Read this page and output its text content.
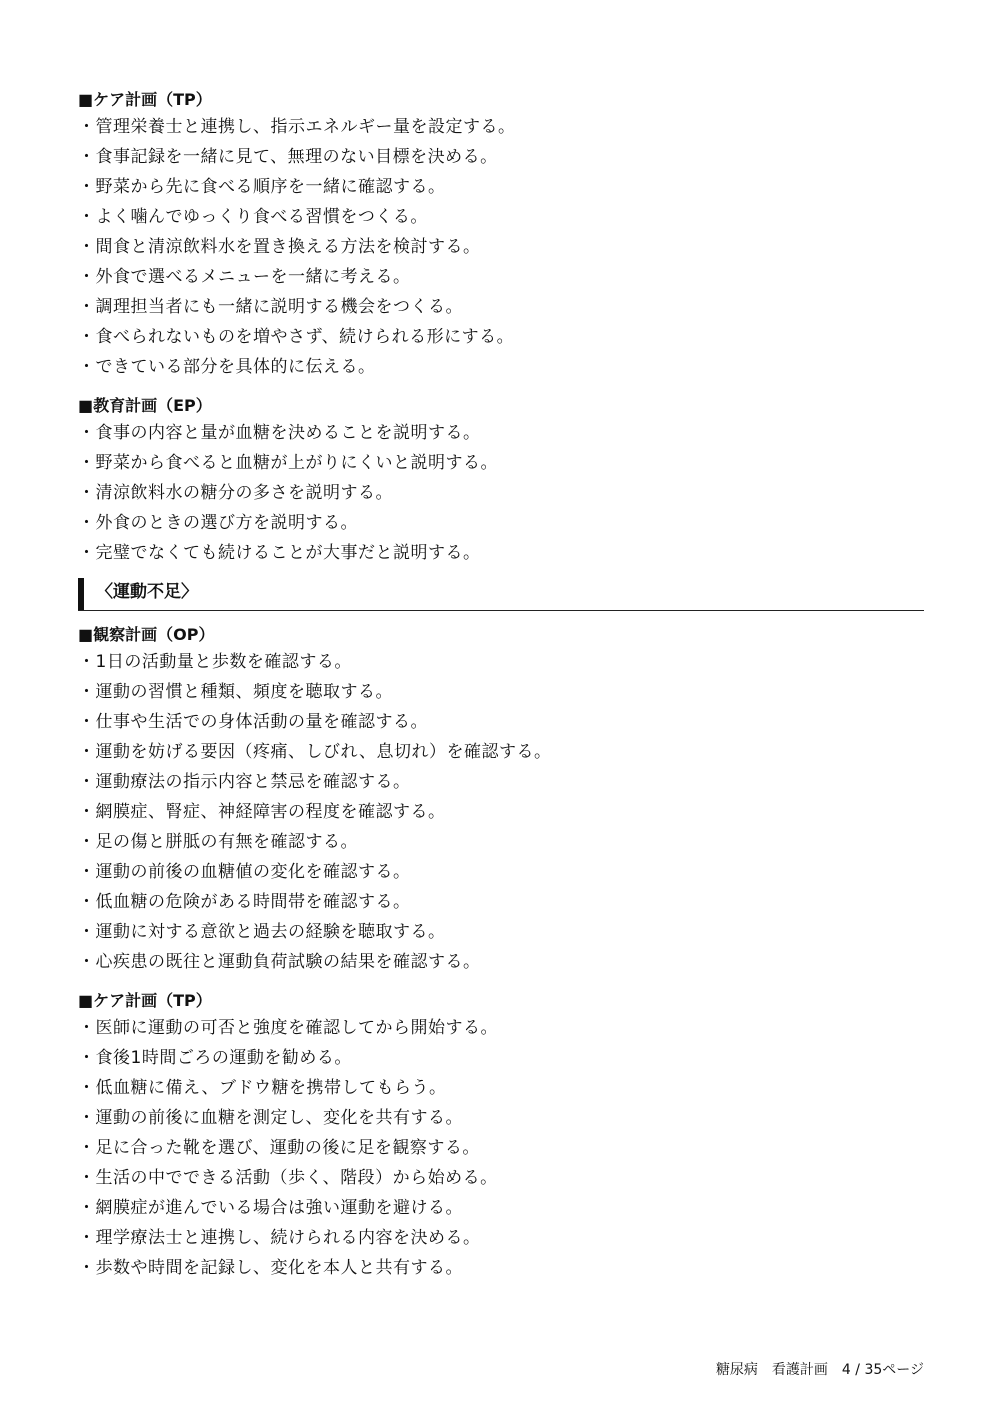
■ケア計画（TP）
・管理栄養士と連携し、指示エネルギー量を設定する。
・食事記録を一緒に見て、無理のない目標を決める。
・野菜から先に食べる順序を一緒に確認する。
・よく噛んでゆっくり食べる習慣をつくる。
・間食と清涼飲料水を置き換える方法を検討する。
・外食で選べるメニューを一緒に考える。
・調理担当者にも一緒に説明する機会をつくる。
・食べられないものを増やさず、続けられる形にする。
・できている部分を具体的に伝える。
■教育計画（EP）
・食事の内容と量が血糖を決めることを説明する。
・野菜から食べると血糖が上がりにくいと説明する。
・清涼飲料水の糖分の多さを説明する。
・外食のときの選び方を説明する。
・完璧でなくても続けることが大事だと説明する。
〈運動不足〉
■観察計画（OP）
・1日の活動量と歩数を確認する。
・運動の習慣と種類、頻度を聴取する。
・仕事や生活での身体活動の量を確認する。
・運動を妨げる要因（疼痛、しびれ、息切れ）を確認する。
・運動療法の指示内容と禁忌を確認する。
・網膜症、腎症、神経障害の程度を確認する。
・足の傷と胼胝の有無を確認する。
・運動の前後の血糖値の変化を確認する。
・低血糖の危険がある時間帯を確認する。
・運動に対する意欲と過去の経験を聴取する。
・心疾患の既往と運動負荷試験の結果を確認する。
■ケア計画（TP）
・医師に運動の可否と強度を確認してから開始する。
・食後1時間ごろの運動を勧める。
・低血糖に備え、ブドウ糖を携帯してもらう。
・運動の前後に血糖を測定し、変化を共有する。
・足に合った靴を選び、運動の後に足を観察する。
・生活の中でできる活動（歩く、階段）から始める。
・網膜症が進んでいる場合は強い運動を避ける。
・理学療法士と連携し、続けられる内容を決める。
・歩数や時間を記録し、変化を本人と共有する。
糖尿病　看護計画　4 / 35ページ
